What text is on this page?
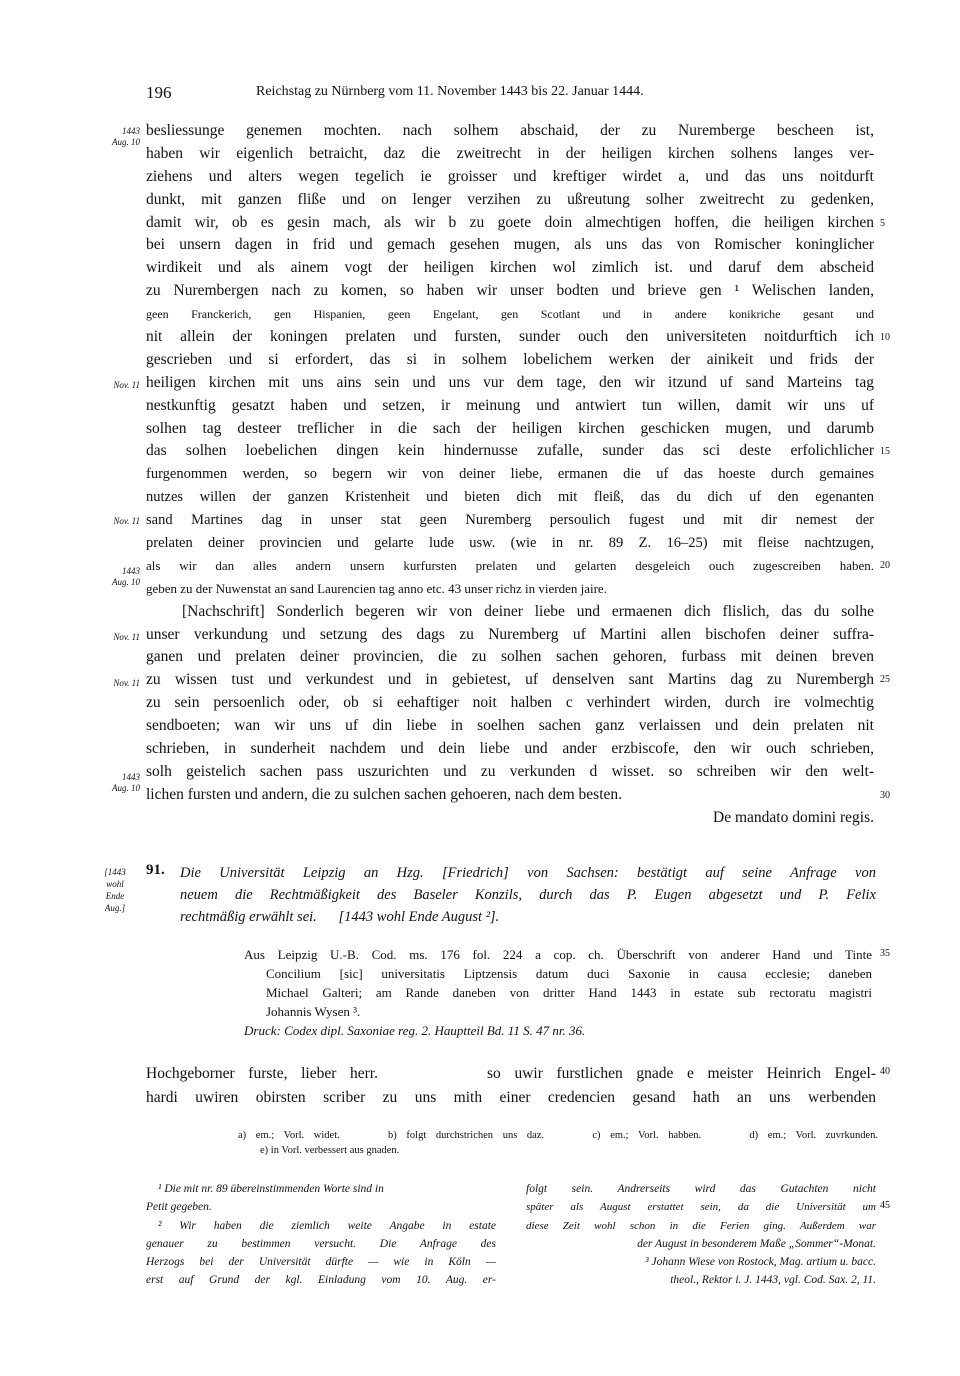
196	Reichstag zu Nürnberg vom 11. November 1443 bis 22. Januar 1444.
1443
Aug. 10
Nov. 11
Nov. 11
1443
Aug. 10
Nov. 11
Nov. 11
1443
Aug. 10
5
10
15
20
25
30
besliessunge genemen mochten. nach solhem abschaid, der zu Nuremberge bescheen ist,
haben wir eigenlich betraicht, daz die zweitrecht in der heiligen kirchen solhens langes ver-
ziehens und alters wegen tegelich ie groisser und kreftiger wirdet a, und das uns noitdurft
dunkt, mit ganzen fliße und on lenger verzihen zu ußreutung solher zweitrecht zu gedenken,
damit wir, ob es gesin mach, als wir b zu goete doin almechtigen hoffen, die heiligen kirchen
bei unsern dagen in frid und gemach gesehen mugen, als uns das von Romischer koninglicher
wirdikeit und als ainem vogt der heiligen kirchen wol zimlich ist. und daruf dem abscheid
zu Nurembergen nach zu komen, so haben wir unser bodten und brieve gen ¹ Welischen landen,
geen Franckerich, gen Hispanien, geen Engelant, gen Scotlant und in andere konikriche gesant und
nit allein der koningen prelaten und fursten, sunder ouch den universiteten noitdurftich ich
gescrieben und si erfordert, das si in solhem lobelichem werken der ainikeit und frids der
heiligen kirchen mit uns ains sein und uns vur dem tage, den wir itzund uf sand Marteins tag
nestkunftig gesatzt haben und setzen, ir meinung und antwiert tun willen, damit wir uns uf
solhen tag desteer treflicher in die sach der heiligen kirchen geschicken mugen, und darumb
das solhen loebelichen dingen kein hindernusse zufalle, sunder das sci deste erfolichlicher
furgenommen werden, so begern wir von deiner liebe, ermanen die uf das hoeste durch gemaines
nutzes willen der ganzen Kristenheit und bieten dich mit fleiß, das du dich uf den egenanten
sand Martines dag in unser stat geen Nuremberg persoulich fugest und mit dir nemest der
prelaten deiner provincien und gelarte lude usw. (wie in nr. 89 Z. 16–25) mit fleise nachtzugen,
als wir dan alles andern unsern kurfursten prelaten und gelarten desgeleich ouch zugescreiben haben.
geben zu der Nuwenstat an sand Laurencien tag anno etc. 43 unser richz in vierden jaire.
[Nachschrift] Sonderlich begeren wir von deiner liebe und ermaenen dich flislich, das du solhe
unser verkundung und setzung des dags zu Nuremberg uf Martini allen bischofen deiner suffra-
ganen und prelaten deiner provincien, die zu solhen sachen gehoren, furbass mit deinen breven
zu wissen tust und verkundest und in gebietest, uf denselven sant Martins dag zu Nurembergh
zu sein persoenlich oder, ob si eehaftiger noit halben c verhindert wirden, durch ire volmechtig
sendboeten; wan wir uns uf din liebe in soelhen sachen ganz verlaissen und dein prelaten nit
schrieben, in sunderheit nachdem und dein liebe und ander erzbiscofe, den wir ouch schrieben,
solh geistelich sachen pass uszurichten und zu verkunden d wisset. so schreiben wir den welt-
lichen fursten und andern, die zu sulchen sachen gehoeren, nach dem besten.
De mandato domini regis.
[1443
wohl
Ende
Aug.]
91. Die Universität Leipzig an Hzg. [Friedrich] von Sachsen: bestätigt auf seine Anfrage von
neuem die Rechtmäßigkeit des Baseler Konzils, durch das P. Eugen abgesetzt und P. Felix
rechtmäßig erwählt sei.      [1443 wohl Ende August ²].
Aus Leipzig U.-B. Cod. ms. 176 fol. 224 a cop. ch. Überschrift von anderer Hand und Tinte
Concilium [sic] universitatis Liptzensis datum duci Saxonie in causa ecclesie; daneben
Michael Galteri; am Rande daneben von dritter Hand 1443 in estate sub rectoratu magistri
Johannis Wysen ³.
Druck: Codex dipl. Saxoniae reg. 2. Hauptteil Bd. 11 S. 47 nr. 36.
35
Hochgeborner furste, lieber herr.        so uwir furstlichen gnade e meister Heinrich Engel-
hardi uwiren obirsten scriber zu uns mith einer credencien gesand hath an uns werbenden
40
a) em.; Vorl. widet.     b) folgt durchstrichen uns daz.     c) em.; Vorl. habben.     d) em.; Vorl. zuvrkunden.
e) in Vorl. verbessert aus gnaden.
¹ Die mit nr. 89 übereinstimmenden Worte sind in
Petit gegeben.
² Wir haben die ziemlich weite Angabe in estate
genauer zu bestimmen versucht. Die Anfrage des
Herzogs bei der Universität dürfte — wie in Köln —
erst auf Grund der kgl. Einladung vom 10. Aug. er-
folgt sein. Andrerseits wird das Gutachten nicht
später als August erstattet sein, da die Universität um
diese Zeit wohl schon in die Ferien ging. Außerdem war
der August in besonderem Maße „Sommer“-Monat.
³ Johann Wiese von Rostock, Mag. artium u. bacc.
theol., Rektor i. J. 1443, vgl. Cod. Sax. 2, 11.
45
